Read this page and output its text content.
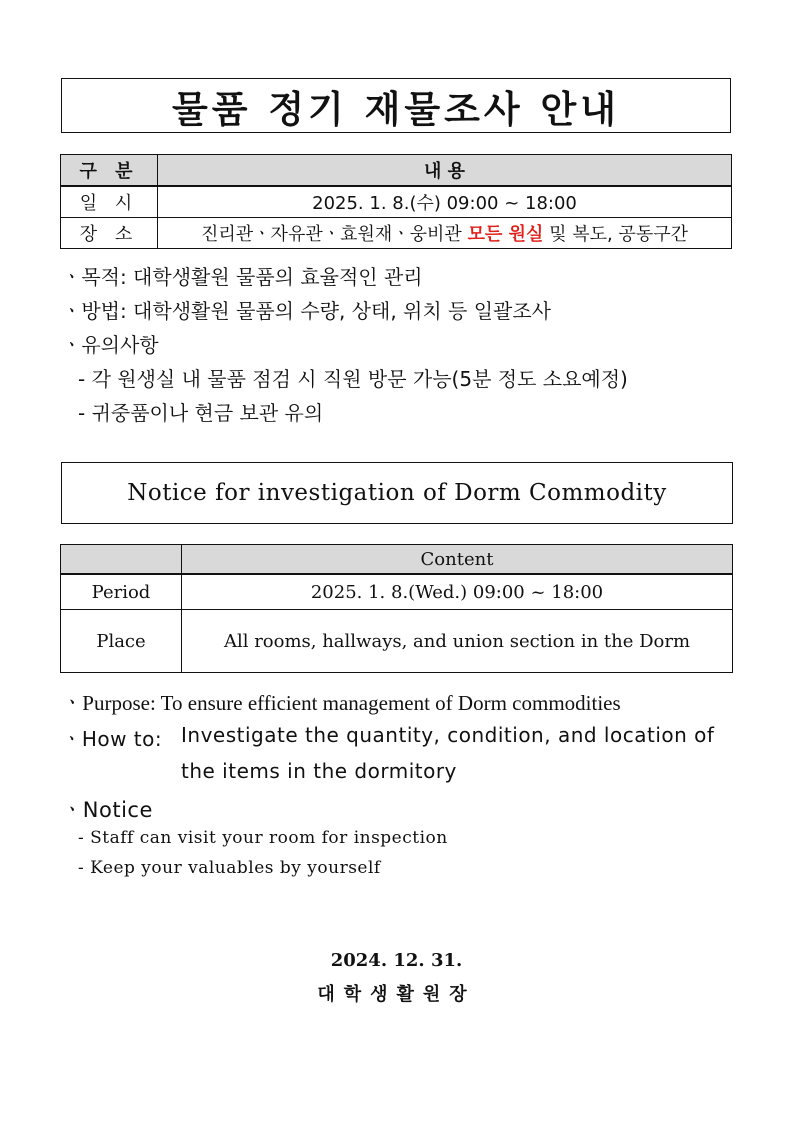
물품 정기 재물조사 안내
구 분	내 용
일 시	2025. 1. 8.(수) 09:00 ~ 18:00
장 소	진리관ㆍ자유관ㆍ효원재ㆍ웅비관 모든 원실 및 복도, 공동구간
ㆍ목적: 대학생활원 물품의 효율적인 관리
ㆍ방법: 대학생활원 물품의 수량, 상태, 위치 등 일괄조사
ㆍ유의사항
- 각 원생실 내 물품 점검 시 직원 방문 가능(5분 정도 소요예정)
- 귀중품이나 현금 보관 유의
Notice for investigation of Dorm Commodity
	Content
Period	2025. 1. 8.(Wed.) 09:00 ~ 18:00
Place	All rooms, hallways, and union section in the Dorm
ㆍPurpose: To ensure efficient management of Dorm commodities
ㆍHow to: Investigate the quantity, condition, and location of
the items in the dormitory
ㆍNotice
- Staff can visit your room for inspection
- Keep your valuables by yourself
2024. 12. 31.
대학생활원장
